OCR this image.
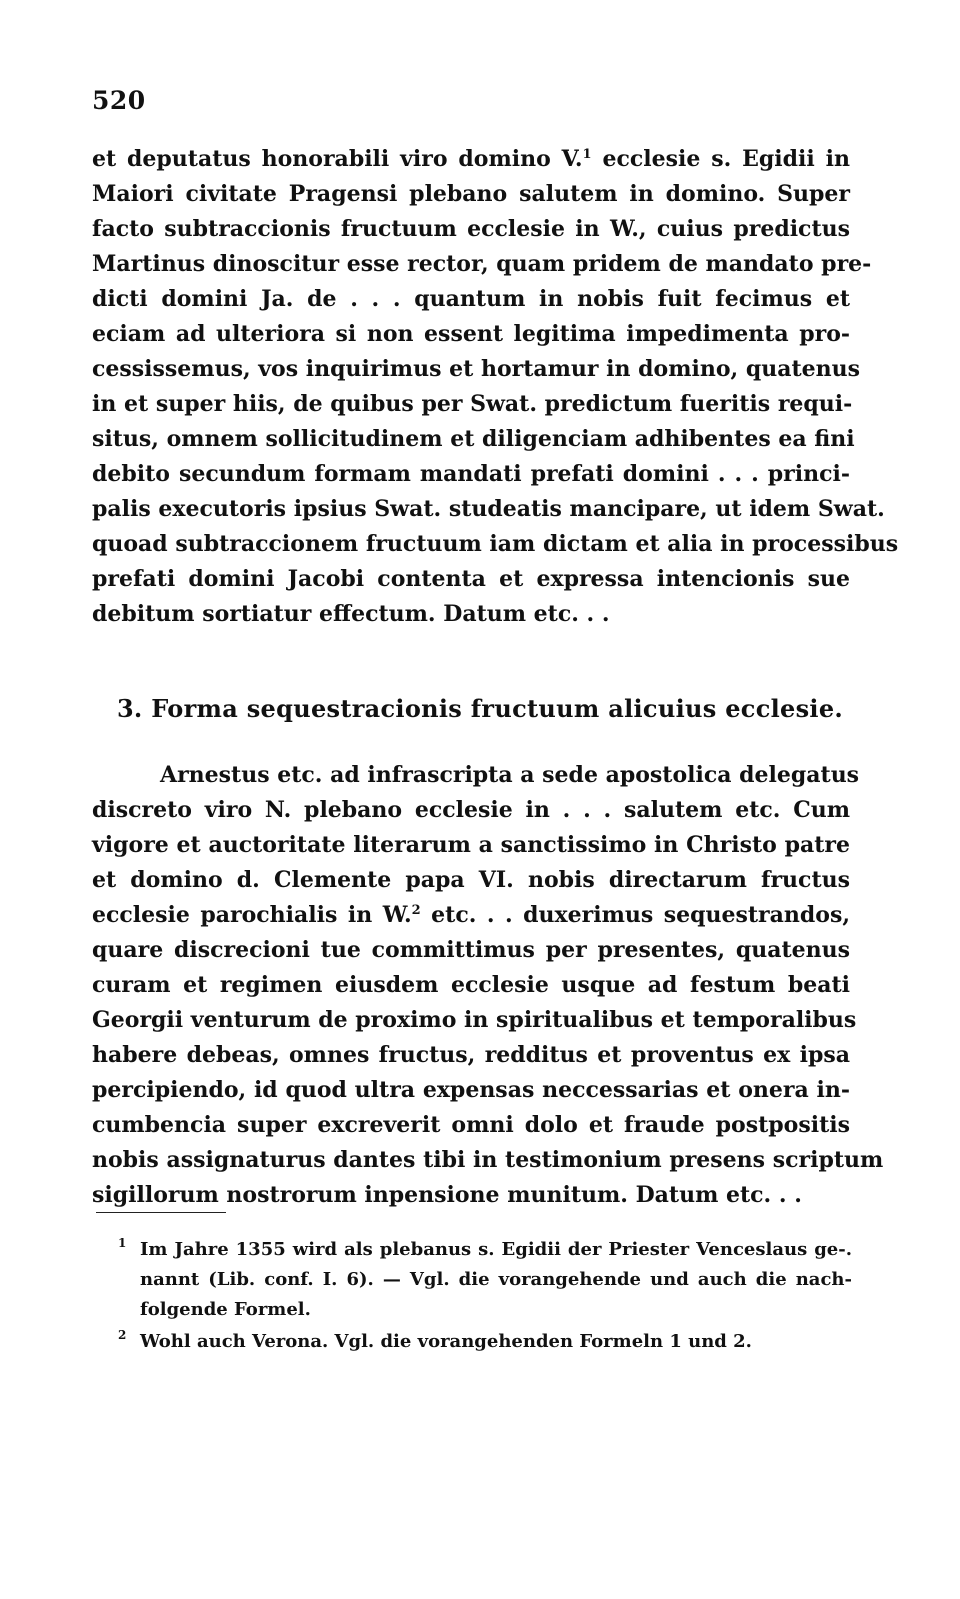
520
et deputatus honorabili viro domino V.$^1$ ecclesie s. Egidii in
Maiori civitate Pragensi plebano salutem in domino. Super
facto subtraccionis fructuum ecclesie in W., cuius predictus
Martinus dinoscitur esse rector, quam pridem de mandato pre-
dicti domini Ja. de . . . quantum in nobis fuit fecimus et
eciam ad ulteriora si non essent legitima impedimenta pro-
cessissemus, vos inquirimus et hortamur in domino, quatenus
in et super hiis, de quibus per Swat. predictum fueritis requi-
situs, omnem sollicitudinem et diligenciam adhibentes ea fini
debito secundum formam mandati prefati domini . . . princi-
palis executoris ipsius Swat. studeatis mancipare, ut idem Swat.
quoad subtraccionem fructuum iam dictam et alia in processibus
prefati domini Jacobi contenta et expressa intencionis sue
debitum sortiatur effectum. Datum etc. . .
3. Forma sequestracionis fructuum alicuius ecclesie.
Arnestus etc. ad infrascripta a sede apostolica delegatus
discreto viro N. plebano ecclesie in . . . salutem etc. Cum
vigore et auctoritate literarum a sanctissimo in Christo patre
et domino d. Clemente papa VI. nobis directarum fructus
ecclesie parochialis in W.$^2$ etc. . . duxerimus sequestrandos,
quare discrecioni tue committimus per presentes, quatenus
curam et regimen eiusdem ecclesie usque ad festum beati
Georgii venturum de proximo in spiritualibus et temporalibus
habere debeas, omnes fructus, redditus et proventus ex ipsa
percipiendo, id quod ultra expensas neccessarias et onera in-
cumbencia super excreverit omni dolo et fraude postpositis
nobis assignaturus dantes tibi in testimonium presens scriptum
sigillorum nostrorum inpensione munitum. Datum etc. . .
1 Im Jahre 1355 wird als plebanus s. Egidii der Priester Venceslaus ge-.
nannt (Lib. conf. I. 6). — Vgl. die vorangehende und auch die nach-
folgende Formel.
2 Wohl auch Verona. Vgl. die vorangehenden Formeln 1 und 2.
